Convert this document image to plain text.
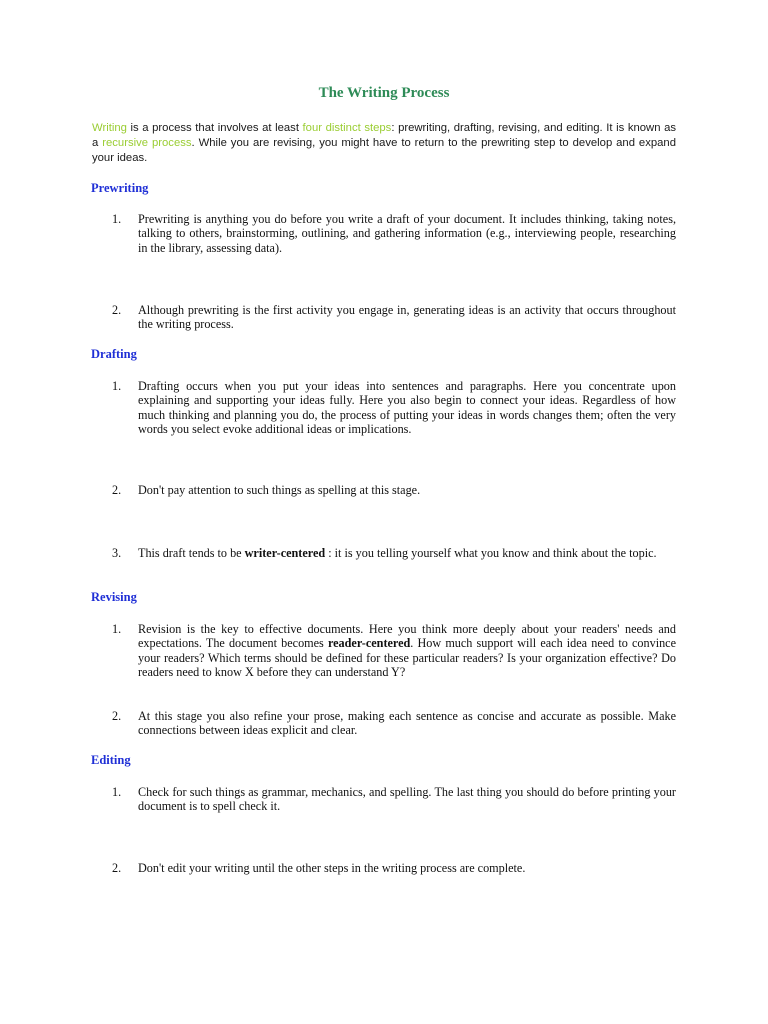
The Writing Process
Writing is a process that involves at least four distinct steps: prewriting, drafting, revising, and editing. It is known as a recursive process. While you are revising, you might have to return to the prewriting step to develop and expand your ideas.
Prewriting
1. Prewriting is anything you do before you write a draft of your document. It includes thinking, taking notes, talking to others, brainstorming, outlining, and gathering information (e.g., interviewing people, researching in the library, assessing data).
2. Although prewriting is the first activity you engage in, generating ideas is an activity that occurs throughout the writing process.
Drafting
1. Drafting occurs when you put your ideas into sentences and paragraphs. Here you concentrate upon explaining and supporting your ideas fully. Here you also begin to connect your ideas. Regardless of how much thinking and planning you do, the process of putting your ideas in words changes them; often the very words you select evoke additional ideas or implications.
2. Don't pay attention to such things as spelling at this stage.
3. This draft tends to be writer-centered : it is you telling yourself what you know and think about the topic.
Revising
1. Revision is the key to effective documents. Here you think more deeply about your readers' needs and expectations. The document becomes reader-centered. How much support will each idea need to convince your readers? Which terms should be defined for these particular readers? Is your organization effective? Do readers need to know X before they can understand Y?
2. At this stage you also refine your prose, making each sentence as concise and accurate as possible. Make connections between ideas explicit and clear.
Editing
1. Check for such things as grammar, mechanics, and spelling. The last thing you should do before printing your document is to spell check it.
2. Don't edit your writing until the other steps in the writing process are complete.
